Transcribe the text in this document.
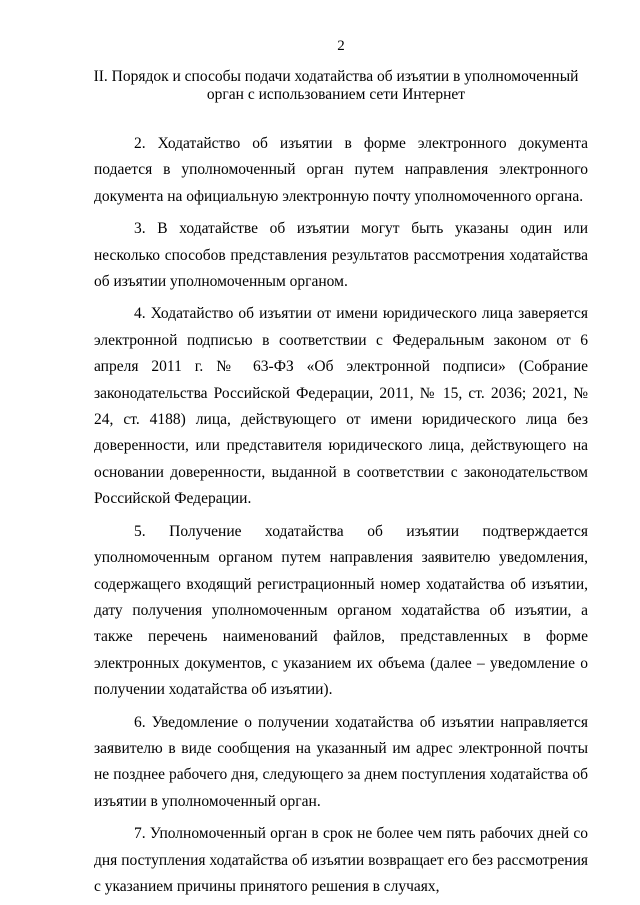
2
II. Порядок и способы подачи ходатайства об изъятии в уполномоченный орган с использованием сети Интернет

2. Ходатайство об изъятии в форме электронного документа подается в уполномоченный орган путем направления электронного документа на официальную электронную почту уполномоченного органа.

3. В ходатайстве об изъятии могут быть указаны один или несколько способов представления результатов рассмотрения ходатайства об изъятии уполномоченным органом.

4. Ходатайство об изъятии от имени юридического лица заверяется электронной подписью в соответствии с Федеральным законом от 6 апреля 2011 г. № 63-ФЗ «Об электронной подписи» (Собрание законодательства Российской Федерации, 2011, № 15, ст. 2036; 2021, № 24, ст. 4188) лица, действующего от имени юридического лица без доверенности, или представителя юридического лица, действующего на основании доверенности, выданной в соответствии с законодательством Российской Федерации.

5. Получение ходатайства об изъятии подтверждается уполномоченным органом путем направления заявителю уведомления, содержащего входящий регистрационный номер ходатайства об изъятии, дату получения уполномоченным органом ходатайства об изъятии, а также перечень наименований файлов, представленных в форме электронных документов, с указанием их объема (далее – уведомление о получении ходатайства об изъятии).

6. Уведомление о получении ходатайства об изъятии направляется заявителю в виде сообщения на указанный им адрес электронной почты не позднее рабочего дня, следующего за днем поступления ходатайства об изъятии в уполномоченный орган.

7. Уполномоченный орган в срок не более чем пять рабочих дней со дня поступления ходатайства об изъятии возвращает его без рассмотрения с указанием причины принятого решения в случаях,
